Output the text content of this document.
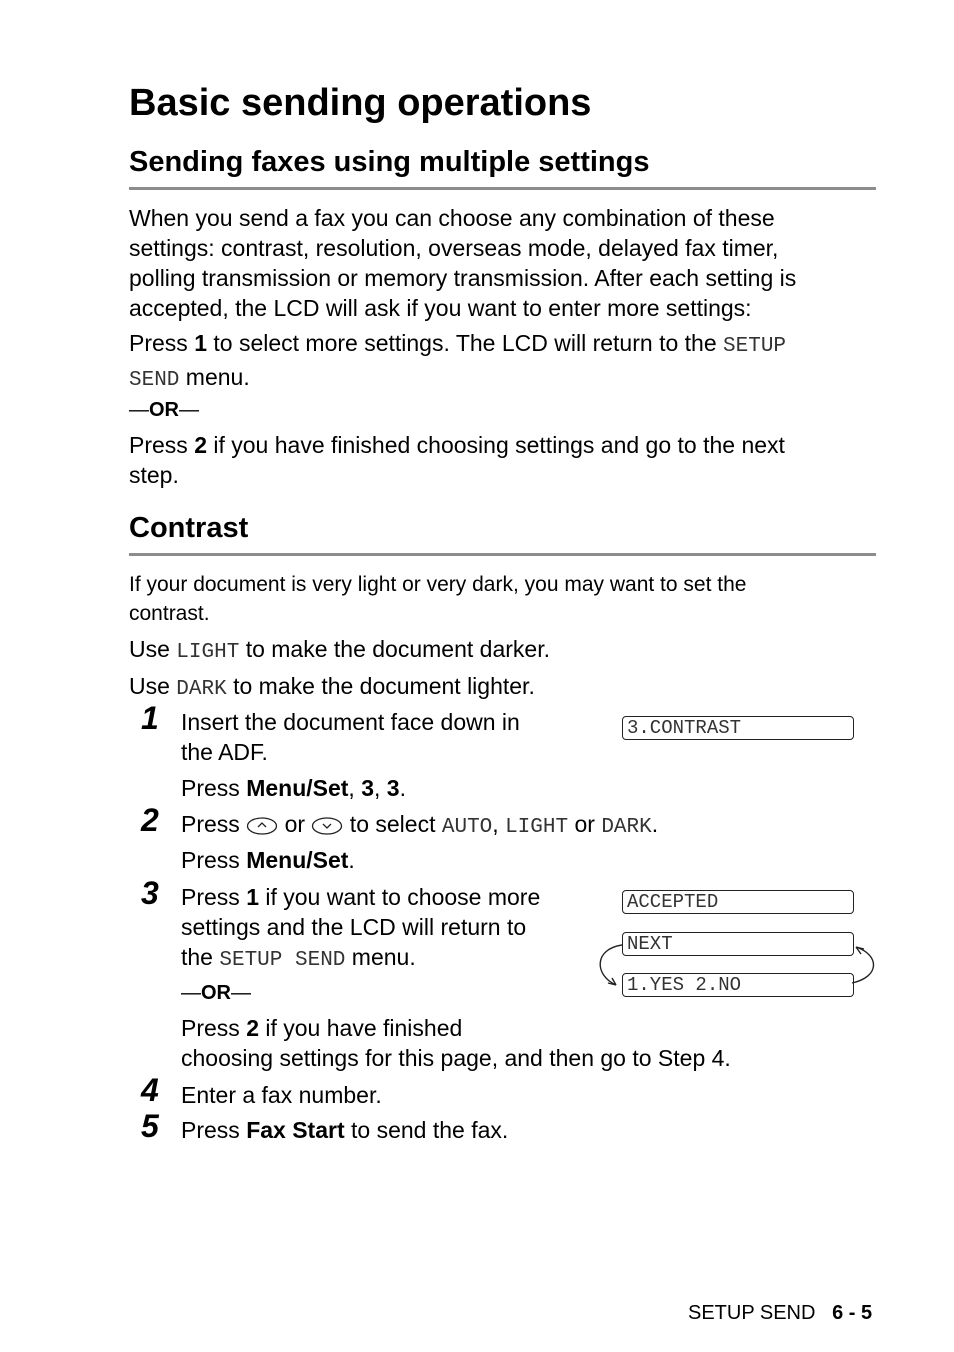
Basic sending operations
Sending faxes using multiple settings
When you send a fax you can choose any combination of these
settings: contrast, resolution, overseas mode, delayed fax timer,
polling transmission or memory transmission. After each setting is
accepted, the LCD will ask if you want to enter more settings:
Press 1 to select more settings. The LCD will return to the SETUP
SEND menu.
—OR—
Press 2 if you have finished choosing settings and go to the next
step.
Contrast
If your document is very light or very dark, you may want to set the
contrast.
Use LIGHT to make the document darker.
Use DARK to make the document lighter.
1 Insert the document face down in
the ADF.
Press Menu/Set, 3, 3.
3.CONTRAST
2 Press  or  to select AUTO, LIGHT or DARK.
Press Menu/Set.
3 Press 1 if you want to choose more
settings and the LCD will return to
the SETUP SEND menu.
—OR—
Press 2 if you have finished
choosing settings for this page, and then go to Step 4.
ACCEPTED
NEXT
1.YES 2.NO
4 Enter a fax number.
5 Press Fax Start to send the fax.
SETUP SEND 6 - 5
